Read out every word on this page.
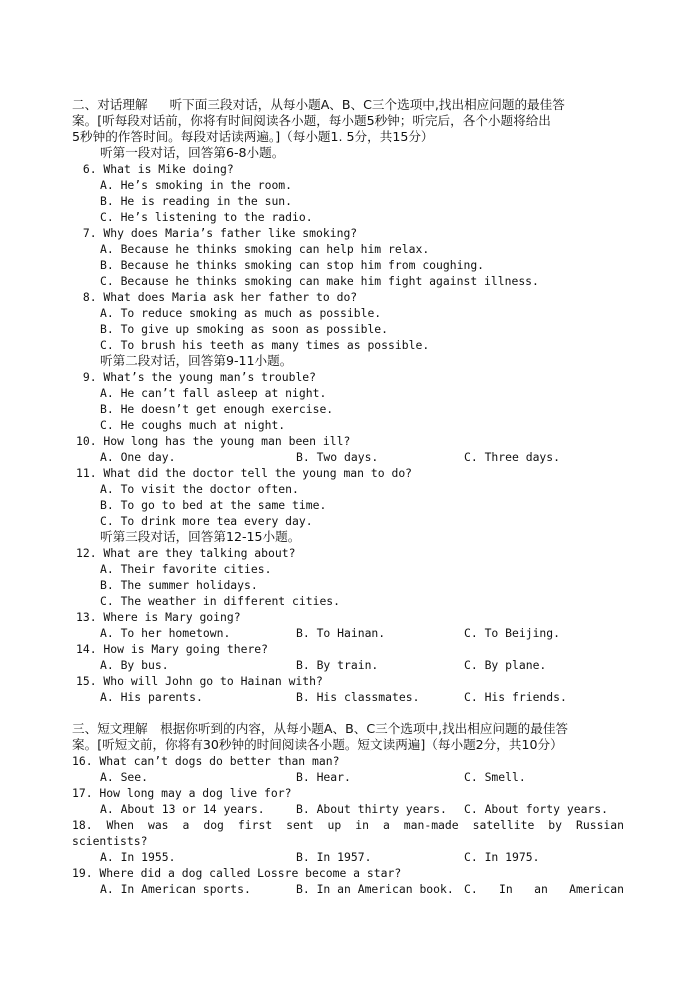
二、对话理解 听下面三段对话，从每小题A、B、C三个选项中,找出相应问题的最佳答
案。[听每段对话前，你将有时间阅读各小题，每小题5秒钟；听完后，各个小题将给出
5秒钟的作答时间。每段对话读两遍。]（每小题1. 5分，共15分）
听第一段对话，回答第6-8小题。
6. What is Mike doing?
A. He’s smoking in the room.
B. He is reading in the sun.
C. He’s listening to the radio.
7. Why does Maria’s father like smoking?
A. Because he thinks smoking can help him relax.
B. Because he thinks smoking can stop him from coughing.
C. Because he thinks smoking can make him fight against illness.
8. What does Maria ask her father to do?
A. To reduce smoking as much as possible.
B. To give up smoking as soon as possible.
C. To brush his teeth as many times as possible.
听第二段对话，回答第9-11小题。
9. What’s the young man’s trouble?
A. He can’t fall asleep at night.
B. He doesn’t get enough exercise.
C. He coughs much at night.
10. How long has the young man been ill?
A. One day.	B. Two days.	C. Three days.
11. What did the doctor tell the young man to do?
A. To visit the doctor often.
B. To go to bed at the same time.
C. To drink more tea every day.
听第三段对话，回答第12-15小题。
12. What are they talking about?
A. Their favorite cities.
B. The summer holidays.
C. The weather in different cities.
13. Where is Mary going?
A. To her hometown.	B. To Hainan.	C. To Beijing.
14. How is Mary going there?
A. By bus.	B. By train.	C. By plane.
15. Who will John go to Hainan with?
A. His parents.	B. His classmates.	C. His friends.
三、短文理解　根据你听到的内容，从每小题A、B、C三个选项中,找出相应问题的最佳答
案。[听短文前，你将有30秒钟的时间阅读各小题。短文读两遍]（每小题2分，共10分）
16. What can’t dogs do better than man?
A. See.	B. Hear.	C. Smell.
17. How long may a dog live for?
A. About 13 or 14 years.	B. About thirty years. C. About forty years.
18. When was a dog first sent up in a man-made satellite by Russian
scientists?
A. In 1955.	B. In 1957.	C. In 1975.
19. Where did a dog called Lossre become a star?
A. In American sports.	B. In an American book. C. In an American
